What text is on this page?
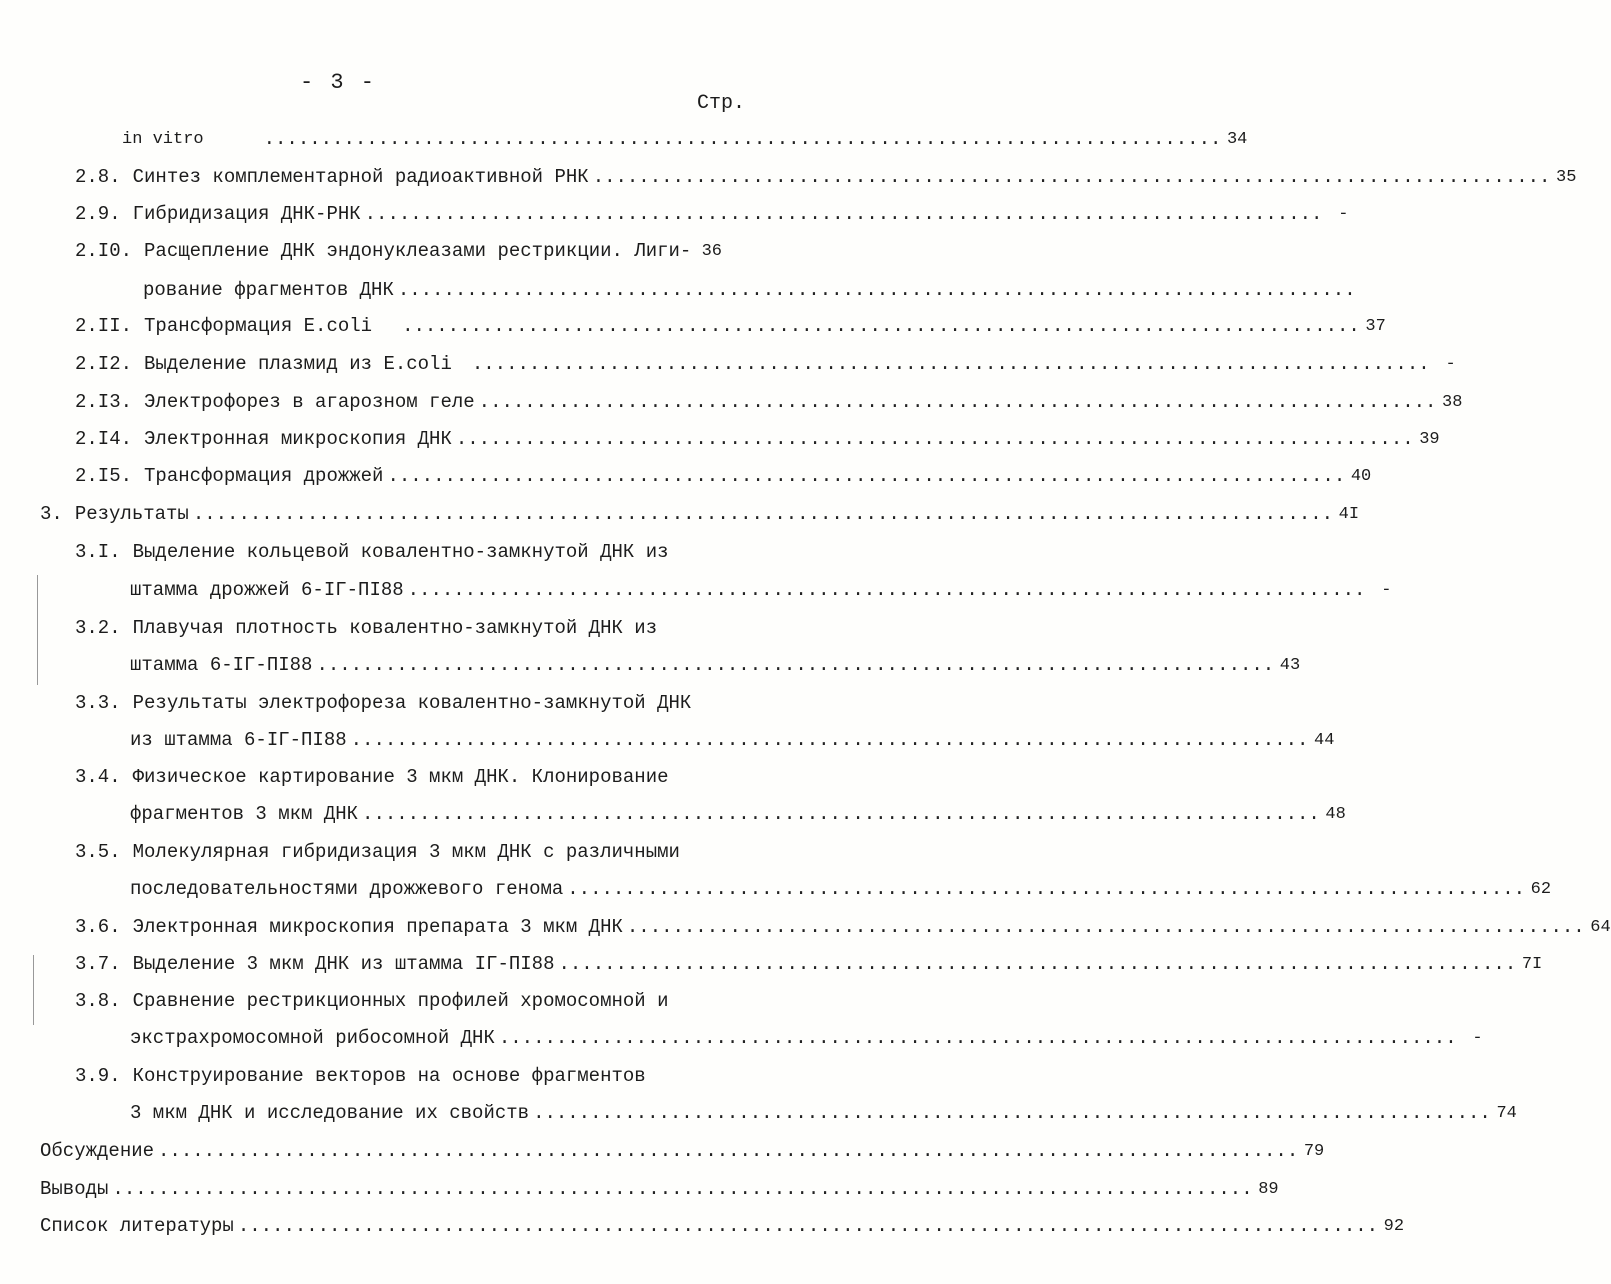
- 3 -
Стр.
in vitro	.................................................................................... 34
2.8. Синтез комплементарной радиоактивной РНК .................................................................................... 35
2.9. Гибридизация ДНК-РНК .................................................................................... -
2.I0. Расщепление ДНК эндонуклеазами рестрикции. Лиги- 36
рование фрагментов ДНК ....................................................................................
2.II. Трансформация E.coli .................................................................................... 37
2.I2. Выделение плазмид из E.coli .................................................................................... -
2.I3. Электрофорез в агарозном геле .................................................................................... 38
2.I4. Электронная микроскопия ДНК .................................................................................... 39
2.I5. Трансформация дрожжей .................................................................................... 40
3. Результаты .................................................................................................... 4I
3.I. Выделение кольцевой ковалентно-замкнутой ДНК из
штамма дрожжей 6-IГ-ПI88 .................................................................................... -
3.2. Плавучая плотность ковалентно-замкнутой ДНК из
штамма 6-IГ-ПI88 .................................................................................... 43
3.3. Результаты электрофореза ковалентно-замкнутой ДНК
из штамма 6-IГ-ПI88 .................................................................................... 44
3.4. Физическое картирование 3 мкм ДНК. Клонирование
фрагментов 3 мкм ДНК .................................................................................... 48
3.5. Молекулярная гибридизация 3 мкм ДНК с различными
последовательностями дрожжевого генома .................................................................................... 62
3.6. Электронная микроскопия препарата 3 мкм ДНК .................................................................................... 64
3.7. Выделение 3 мкм ДНК из штамма IГ-ПI88 .................................................................................... 7I
3.8. Сравнение рестрикционных профилей хромосомной и
экстрахромосомной рибосомной ДНК .................................................................................... -
3.9. Конструирование векторов на основе фрагментов
3 мкм ДНК и исследование их свойств .................................................................................... 74
Обсуждение .................................................................................................... 79
Выводы .................................................................................................... 89
Список литературы .................................................................................................... 92
